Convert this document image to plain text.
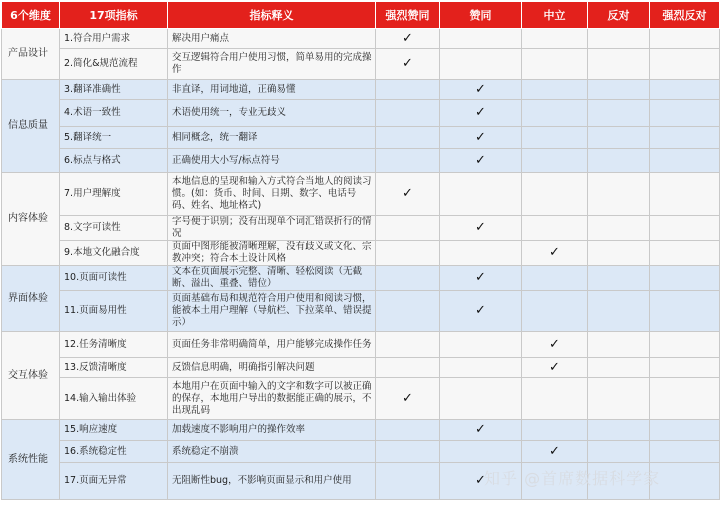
6个维度	17项指标	指标释义	强烈赞同	赞同	中立	反对	强烈反对
产品设计	1.符合用户需求	解决用户痛点	✓				
	2.简化&规范流程	交互逻辑符合用户使用习惯，简单易用的完成操作	✓				
信息质量	3.翻译准确性	非直译，用词地道，正确易懂		✓			
	4.术语一致性	术语使用统一，专业无歧义		✓			
	5.翻译统一	相同概念，统一翻译		✓			
	6.标点与格式	正确使用大小写/标点符号		✓			
内容体验	7.用户理解度	本地信息的呈现和输入方式符合当地人的阅读习惯。(如：货币、时间、日期、数字、电话号码、姓名、地址格式)	✓				
	8.文字可读性	字号便于识别；没有出现单个词汇错误折行的情况		✓			
	9.本地文化融合度	页面中图形能被清晰理解，没有歧义或文化、宗教冲突；符合本土设计风格			✓		
界面体验	10.页面可读性	文本在页面展示完整、清晰、轻松阅读（无截断、溢出、重叠、错位）		✓			
	11.页面易用性	页面基础布局和规范符合用户使用和阅读习惯，能被本土用户理解（导航栏、下拉菜单、错误提示）		✓			
交互体验	12.任务清晰度	页面任务非常明确简单，用户能够完成操作任务			✓		
	13.反馈清晰度	反馈信息明确，明确指引解决问题			✓		
	14.输入输出体验	本地用户在页面中输入的文字和数字可以被正确的保存，本地用户导出的数据能正确的展示，不出现乱码	✓				
系统性能	15.响应速度	加载速度不影响用户的操作效率		✓			
	16.系统稳定性	系统稳定不崩溃			✓		
	17.页面无异常	无阻断性bug，不影响页面显示和用户使用		✓			
知乎 @首席数据科学家
